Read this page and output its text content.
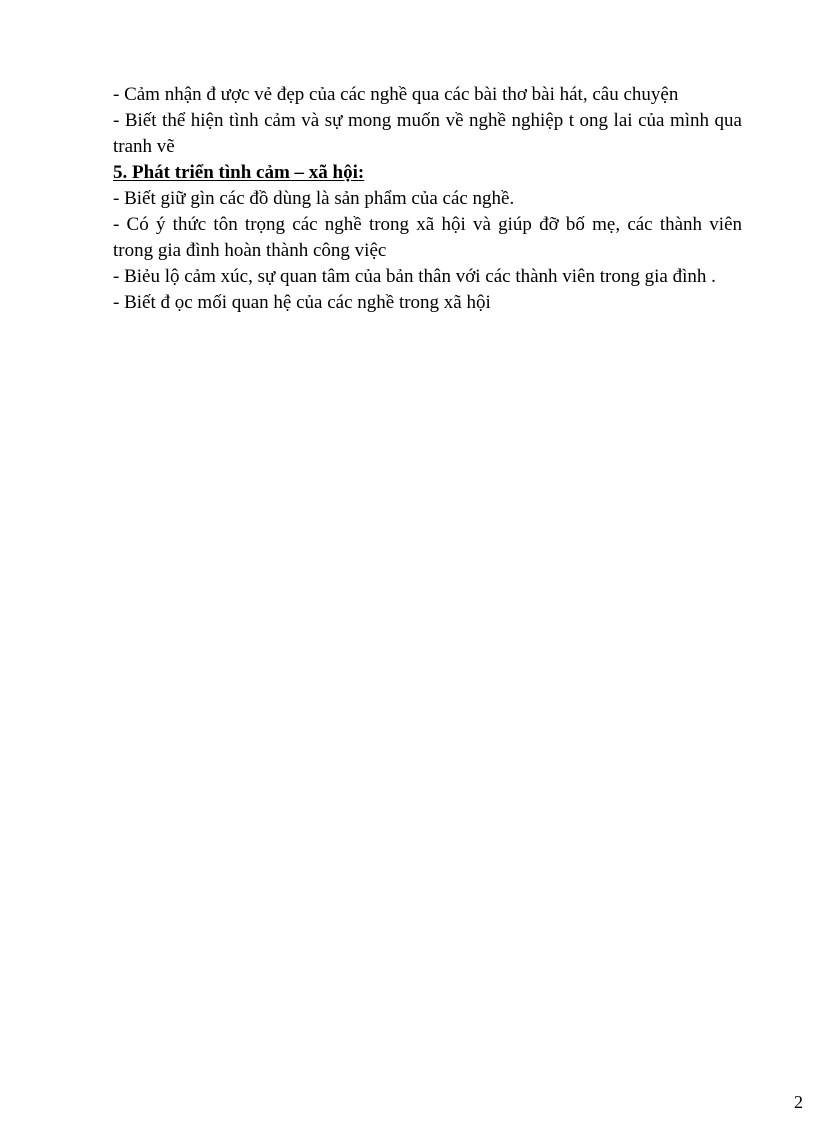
- Cảm nhận đ ược vẻ đẹp của các nghề qua các bài thơ bài hát, câu chuyện

- Biết thể hiện tình cảm và sự mong muốn về nghề nghiệp t ong lai của mình qua tranh vẽ

5. Phát triển tình cảm – xã hội:

- Biết giữ gìn các đồ dùng là sản phẩm của các nghề.

- Có ý thức tôn trọng các nghề trong xã hội và giúp đỡ bố mẹ, các thành viên trong gia đình hoàn thành công việc

- Biẻu lộ cảm xúc, sự quan tâm của bản thân với các thành viên trong gia đình .

- Biết đ ọc mối quan hệ của các nghề trong xã hội

2
